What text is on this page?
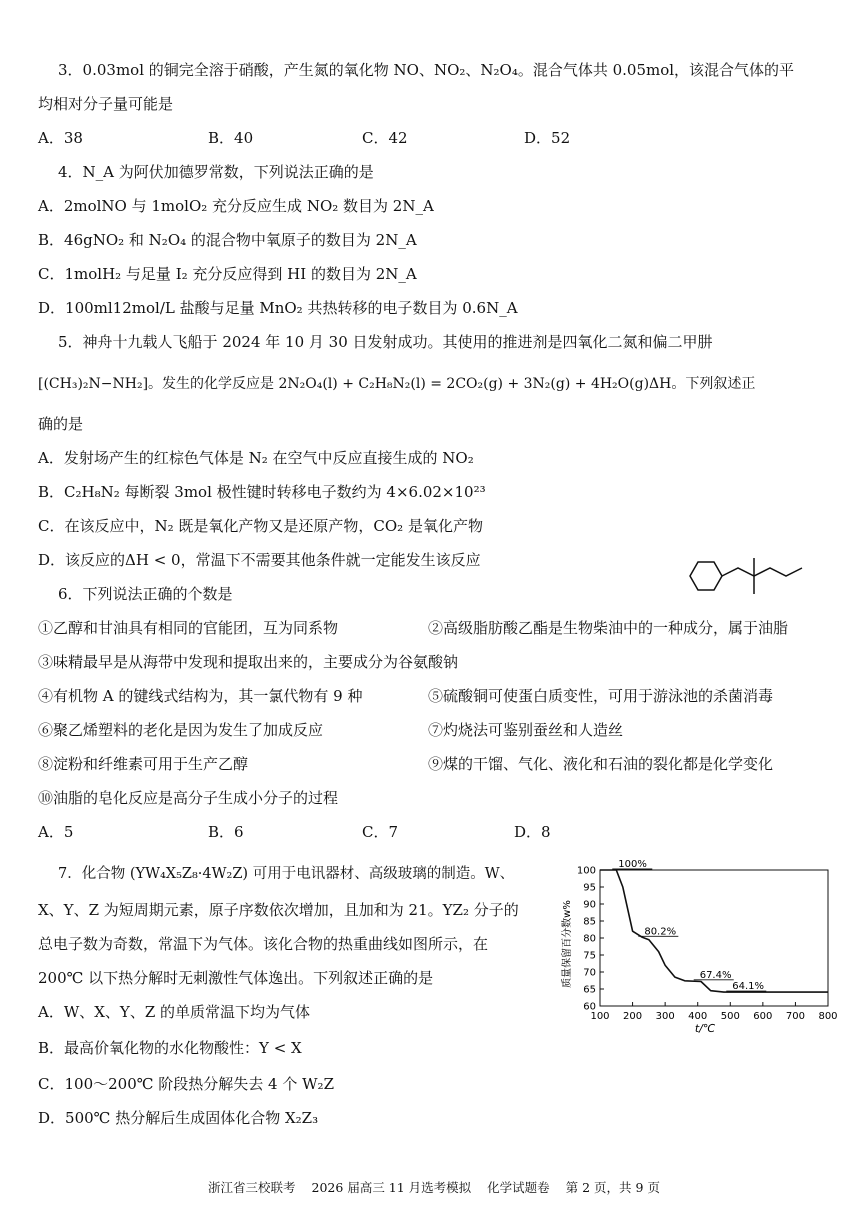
3．0.03mol 的铜完全溶于硝酸，产生氮的氧化物 NO、NO₂、N₂O₄。混合气体共 0.05mol，该混合气体的平
均相对分子量可能是
A．38	B．40	C．42	D．52
4．N_A 为阿伏加德罗常数，下列说法正确的是
A．2molNO 与 1molO₂ 充分反应生成 NO₂ 数目为 2N_A
B．46gNO₂ 和 N₂O₄ 的混合物中氧原子的数目为 2N_A
C．1molH₂ 与足量 I₂ 充分反应得到 HI 的数目为 2N_A
D．100ml12mol/L 盐酸与足量 MnO₂ 共热转移的电子数目为 0.6N_A
5．神舟十九载人飞船于 2024 年 10 月 30 日发射成功。其使用的推进剂是四氧化二氮和偏二甲肼
[(CH₃)₂N−NH₂]。发生的化学反应是 2N₂O₄(l) + C₂H₈N₂(l) = 2CO₂(g) + 3N₂(g) + 4H₂O(g)ΔH。下列叙述正
确的是
A．发射场产生的红棕色气体是 N₂ 在空气中反应直接生成的 NO₂
B．C₂H₈N₂ 每断裂 3mol 极性键时转移电子数约为 4×6.02×10²³
C．在该反应中，N₂ 既是氧化产物又是还原产物，CO₂ 是氧化产物
D．该反应的ΔH < 0，常温下不需要其他条件就一定能发生该反应
6．下列说法正确的个数是
①乙醇和甘油具有相同的官能团，互为同系物	②高级脂肪酸乙酯是生物柴油中的一种成分，属于油脂
③味精最早是从海带中发现和提取出来的，主要成分为谷氨酸钠
④有机物 A 的键线式结构为，其一氯代物有 9 种	⑤硫酸铜可使蛋白质变性，可用于游泳池的杀菌消毒
⑥聚乙烯塑料的老化是因为发生了加成反应	⑦灼烧法可鉴别蚕丝和人造丝
⑧淀粉和纤维素可用于生产乙醇	⑨煤的干馏、气化、液化和石油的裂化都是化学变化
⑩油脂的皂化反应是高分子生成小分子的过程
A．5	B．6	C．7	D．8
7．化合物 (YW₄X₅Z₈·4W₂Z) 可用于电讯器材、高级玻璃的制造。W、
X、Y、Z 为短周期元素，原子序数依次增加，且加和为 21。YZ₂ 分子的
总电子数为奇数，常温下为气体。该化合物的热重曲线如图所示，在
200℃ 以下热分解时无刺激性气体逸出。下列叙述正确的是
A．W、X、Y、Z 的单质常温下均为气体
B．最高价氧化物的水化物酸性：Y < X
C．100～200℃ 阶段热分解失去 4 个 W₂Z
D．500℃ 热分解后生成固体化合物 X₂Z₃
100 200 300 400 500 600 700 800
60
65
70
75
80
85
90
95
100
100%
80.2%
67.4%
64.1%
质量保留百分数w%
t/℃
浙江省三校联考 2026 届高三 11 月选考模拟 化学试题卷 第 2 页，共 9 页
